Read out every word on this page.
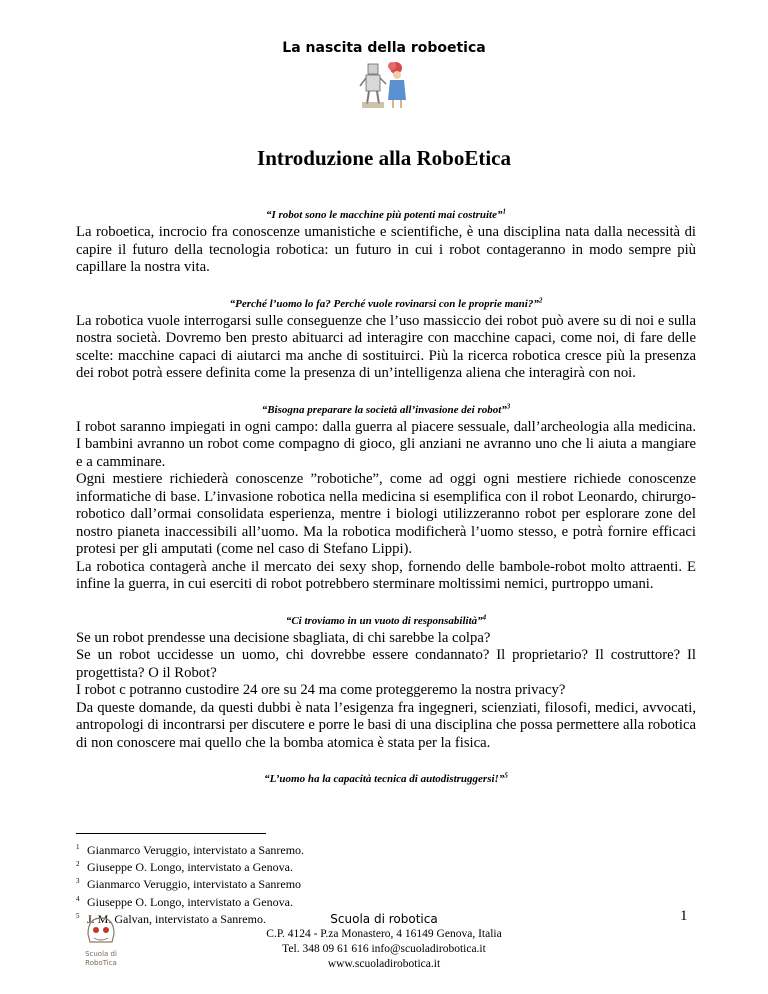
La nascita della roboetica
Introduzione alla RoboEtica

“I robot sono le macchine più potenti mai costruite”$^1$

La roboetica, incrocio fra conoscenze umanistiche e scientifiche, è una disciplina nata dalla necessità di capire il futuro della tecnologia robotica: un futuro in cui i robot contageranno in modo sempre più capillare la nostra vita.

“Perché l’uomo lo fa? Perché vuole rovinarsi con le proprie mani?”$^2$

La robotica vuole interrogarsi sulle conseguenze che l’uso massiccio dei robot può avere su di noi e sulla nostra società. Dovremo ben presto abituarci ad interagire con macchine capaci, come noi, di fare delle scelte: macchine capaci di aiutarci ma anche di sostituirci. Più la ricerca robotica cresce più la presenza dei robot potrà essere definita come la presenza di un’intelligenza aliena che interagirà con noi.

“Bisogna preparare la società all’invasione dei robot”$^3$

I robot saranno impiegati in ogni campo: dalla guerra al piacere sessuale, dall’archeologia alla medicina. I bambini avranno un robot come compagno di gioco, gli anziani ne avranno uno che li aiuta a mangiare e a camminare.

Ogni mestiere richiederà conoscenze ”robotiche”, come ad oggi ogni mestiere richiede conoscenze informatiche di base. L’invasione robotica nella medicina si esemplifica con il robot Leonardo, chirurgo-robotico dall’ormai consolidata esperienza, mentre i biologi utilizzeranno robot per esplorare zone del nostro pianeta inaccessibili all’uomo. Ma la robotica modificherà l’uomo stesso, e potrà fornire efficaci protesi per gli amputati (come nel caso di Stefano Lippi).

La robotica contagerà anche il mercato dei sexy shop, fornendo delle bambole-robot molto attraenti. E infine la guerra, in cui eserciti di robot potrebbero sterminare moltissimi nemici, purtroppo umani.

“Ci troviamo in un vuoto di responsabilità”$^4$

Se un robot prendesse una decisione sbagliata, di chi sarebbe la colpa?

Se un robot uccidesse un uomo, chi dovrebbe essere condannato? Il proprietario? Il costruttore? Il progettista? O il Robot?

I robot c potranno custodire 24 ore su 24 ma come proteggeremo la nostra privacy?

Da queste domande, da questi dubbi è nata l’esigenza fra ingegneri, scienziati, filosofi, medici, avvocati, antropologi di incontrarsi per discutere e porre le basi di una disciplina che possa permettere alla robotica di non conoscere mai quello che la bomba atomica è stata per la fisica.

“L’uomo ha la capacità tecnica di autodistruggersi!”$^5$

$^1$ Gianmarco Veruggio, intervistato a Sanremo.
$^2$ Giuseppe O. Longo, intervistato a Genova.
$^3$ Gianmarco Veruggio, intervistato a Sanremo
$^4$ Giuseppe O. Longo, intervistato a Genova.
$^5$ J. M. Galvan, intervistato a Sanremo.	1
Scuola di
RoboTica
Scuola di robotica
C.P. 4124 - P.za Monastero, 4 16149 Genova, Italia
Tel. 348 09 61 616 info@scuoladirobotica.it
www.scuoladirobotica.it
